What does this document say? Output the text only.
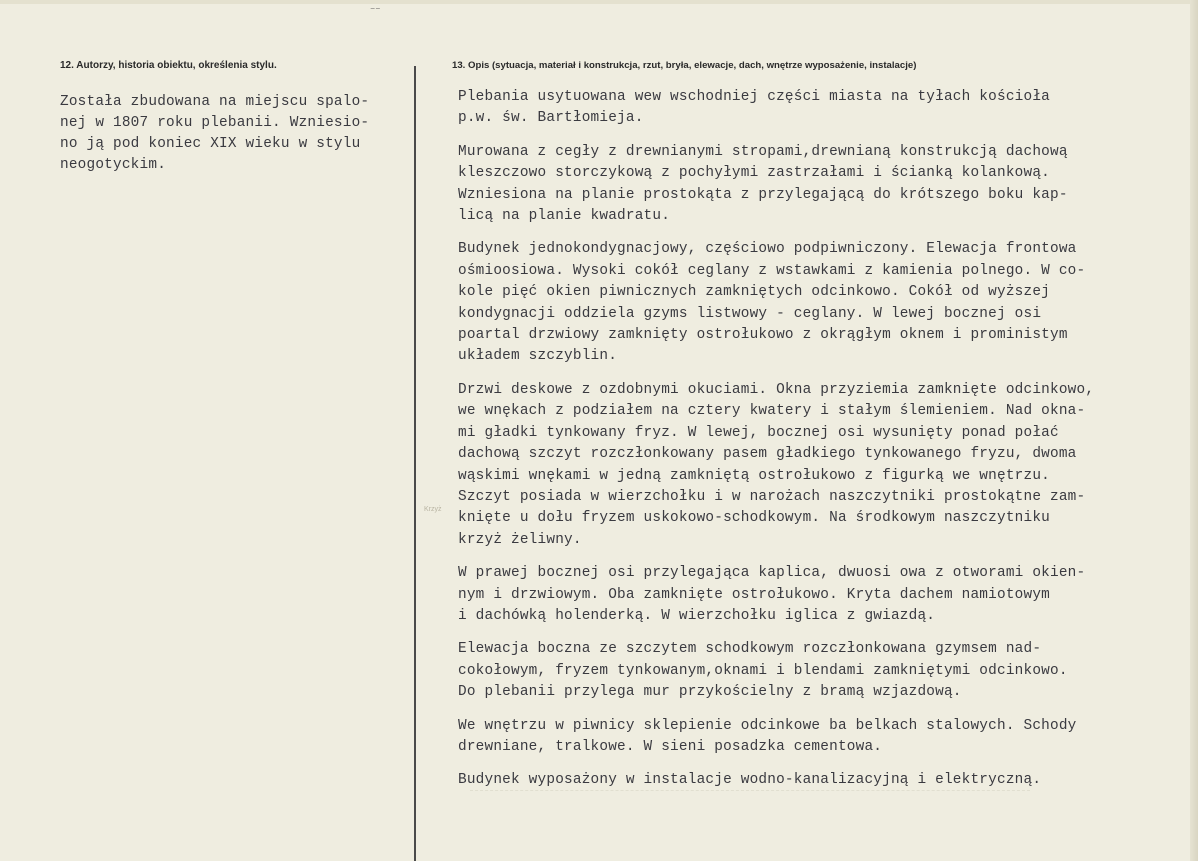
⁻⁻
12. Autorzy, historia obiektu, określenia stylu.	13. Opis (sytuacja, materiał i konstrukcja, rzut, bryła, elewacje, dach, wnętrze wyposażenie, instalacje)
Została zbudowana na miejscu spalo-
nej w 1807 roku plebanii. Wzniesio-
no ją pod koniec XIX wieku w stylu
neogotyckim.
Krzyż
Plebania usytuowana wew wschodniej części miasta na tyłach kościoła
p.w. św. Bartłomieja.
Murowana z cegły z drewnianymi stropami,drewnianą konstrukcją dachową
kleszczowo storczykową z pochyłymi zastrzałami i ścianką kolankową.
Wzniesiona na planie prostokąta z przylegającą do krótszego boku kap-
licą na planie kwadratu.
Budynek jednokondygnacjowy, częściowo podpiwniczony. Elewacja frontowa
ośmioosiowa. Wysoki cokół ceglany z wstawkami z kamienia polnego. W co-
kole pięć okien piwnicznych zamkniętych odcinkowo. Cokół od wyższej
kondygnacji oddziela gzyms listwowy - ceglany. W lewej bocznej osi
poartal drzwiowy zamknięty ostrołukowo z okrągłym oknem i proministym
układem szczyblin.
Drzwi deskowe z ozdobnymi okuciami. Okna przyziemia zamknięte odcinkowo,
we wnękach z podziałem na cztery kwatery i stałym ślemieniem. Nad okna-
mi gładki tynkowany fryz. W lewej, bocznej osi wysunięty ponad połać
dachową szczyt rozczłonkowany pasem gładkiego tynkowanego fryzu, dwoma
wąskimi wnękami w jedną zamkniętą ostrołukowo z figurką we wnętrzu.
Szczyt posiada w wierzchołku i w narożach naszczytniki prostokątne zam-
knięte u dołu fryzem uskokowo-schodkowym. Na środkowym naszczytniku
krzyż żeliwny.
W prawej bocznej osi przylegająca kaplica, dwuosi owa z otworami okien-
nym i drzwiowym. Oba zamknięte ostrołukowo. Kryta dachem namiotowym
i dachówką holenderką. W wierzchołku iglica z gwiazdą.
Elewacja boczna ze szczytem schodkowym rozczłonkowana gzymsem nad-
cokołowym, fryzem tynkowanym,oknami i blendami zamkniętymi odcinkowo.
Do plebanii przylega mur przykościelny z bramą wzjazdową.
We wnętrzu w piwnicy sklepienie odcinkowe ba belkach stalowych. Schody
drewniane, tralkowe. W sieni posadzka cementowa.
Budynek wyposażony w instalacje wodno-kanalizacyjną i elektryczną.
